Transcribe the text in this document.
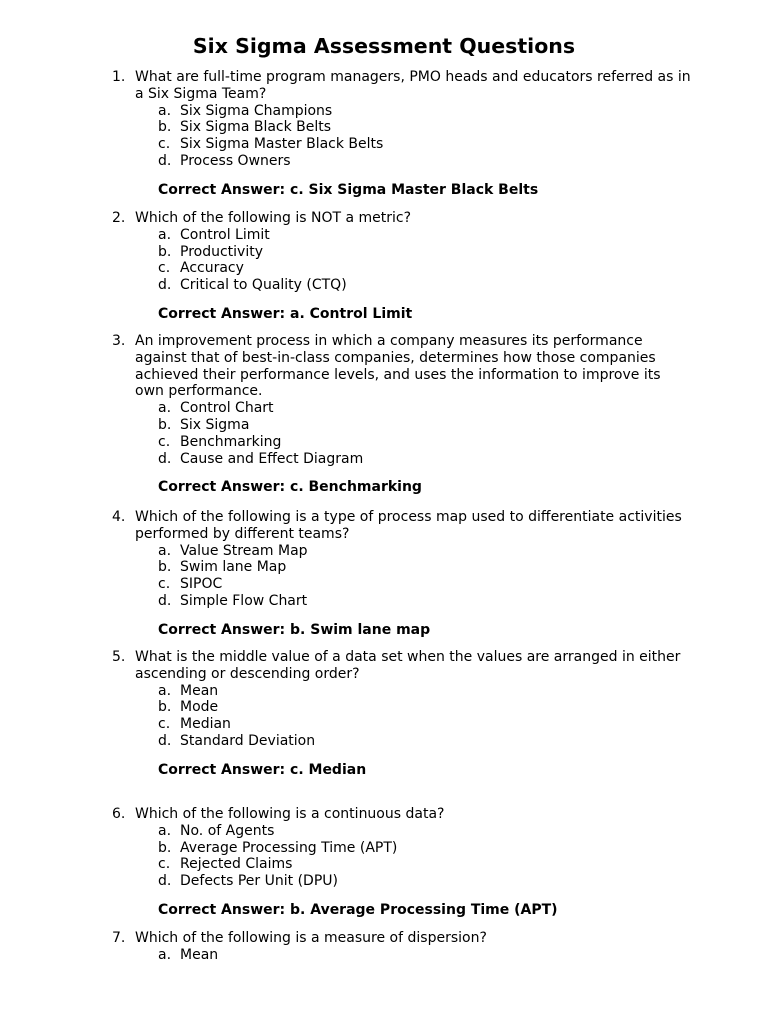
Six Sigma Assessment Questions
1. What are full-time program managers, PMO heads and educators referred as in a Six Sigma Team?
a. Six Sigma Champions
b. Six Sigma Black Belts
c. Six Sigma Master Black Belts
d. Process Owners
Correct Answer: c. Six Sigma Master Black Belts
2. Which of the following is NOT a metric?
a. Control Limit
b. Productivity
c. Accuracy
d. Critical to Quality (CTQ)
Correct Answer: a. Control Limit
3. An improvement process in which a company measures its performance against that of best-in-class companies, determines how those companies achieved their performance levels, and uses the information to improve its own performance.
a. Control Chart
b. Six Sigma
c. Benchmarking
d. Cause and Effect Diagram
Correct Answer: c. Benchmarking
4. Which of the following is a type of process map used to differentiate activities performed by different teams?
a. Value Stream Map
b. Swim lane Map
c. SIPOC
d. Simple Flow Chart
Correct Answer: b. Swim lane map
5. What is the middle value of a data set when the values are arranged in either ascending or descending order?
a. Mean
b. Mode
c. Median
d. Standard Deviation
Correct Answer: c. Median
6. Which of the following is a continuous data?
a. No. of Agents
b. Average Processing Time (APT)
c. Rejected Claims
d. Defects Per Unit (DPU)
Correct Answer: b. Average Processing Time (APT)
7. Which of the following is a measure of dispersion?
a. Mean
